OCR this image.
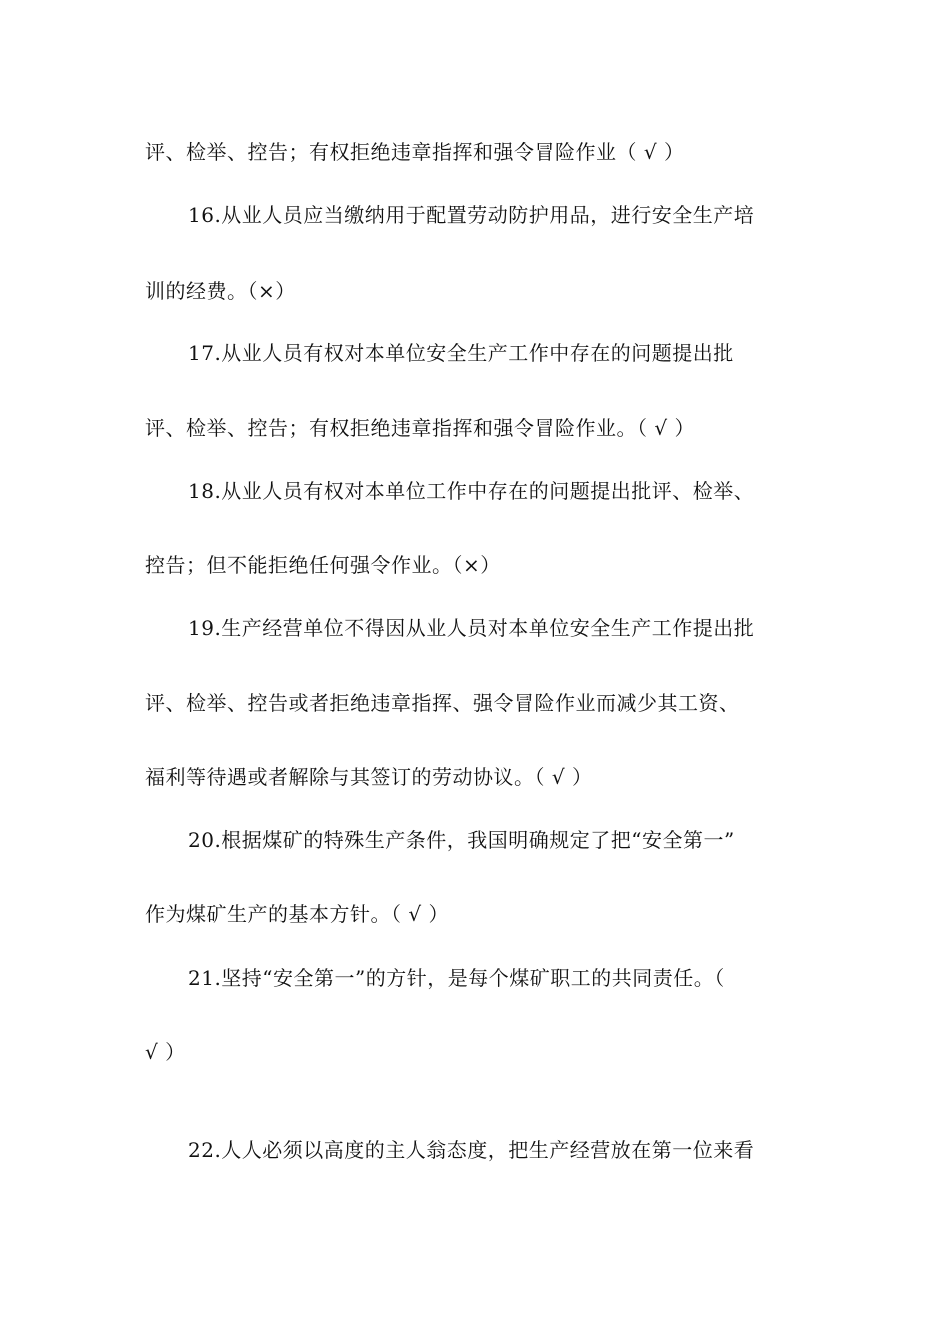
评、检举、控告；有权拒绝违章指挥和强令冒险作业（ √ ）
16.从业人员应当缴纳用于配置劳动防护用品，进行安全生产培
训的经费。（×）
17.从业人员有权对本单位安全生产工作中存在的问题提出批
评、检举、控告；有权拒绝违章指挥和强令冒险作业。（ √ ）
18.从业人员有权对本单位工作中存在的问题提出批评、检举、
控告；但不能拒绝任何强令作业。（×）
19.生产经营单位不得因从业人员对本单位安全生产工作提出批
评、检举、控告或者拒绝违章指挥、强令冒险作业而减少其工资、
福利等待遇或者解除与其签订的劳动协议。（ √ ）
20.根据煤矿的特殊生产条件，我国明确规定了把“安全第一”
作为煤矿生产的基本方针。（ √ ）
21.坚持“安全第一”的方针，是每个煤矿职工的共同责任。（
√ ）
22.人人必须以高度的主人翁态度，把生产经营放在第一位来看
